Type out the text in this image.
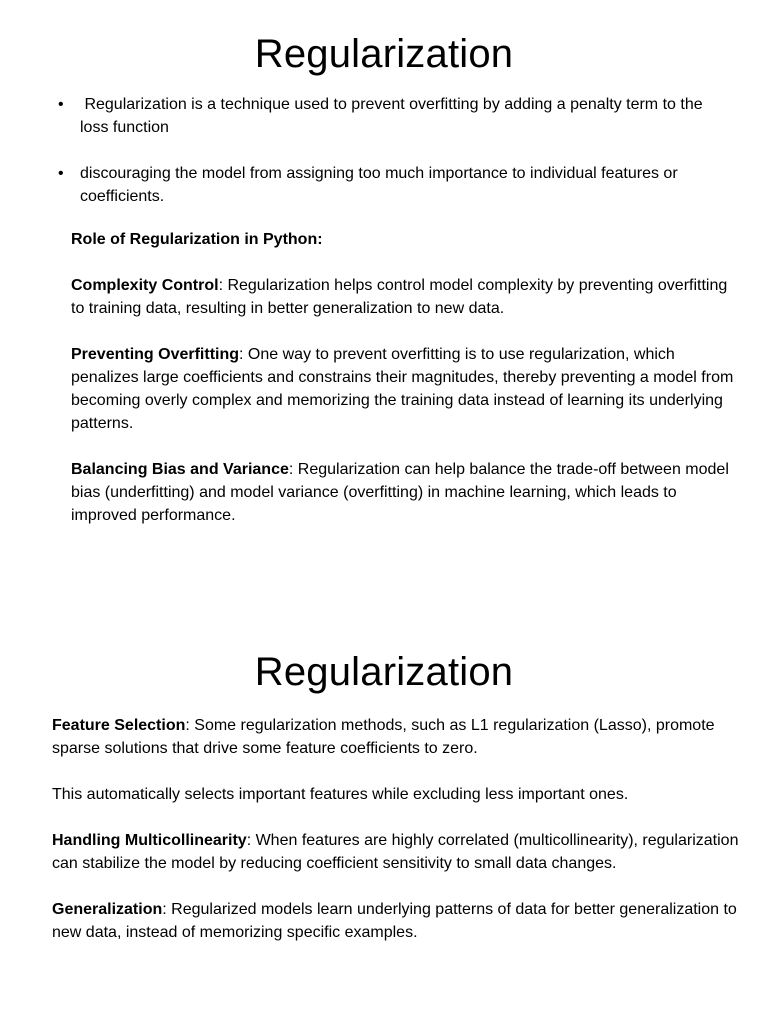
Regularization
• Regularization is a technique used to prevent overfitting by adding a penalty term to the loss function
• discouraging the model from assigning too much importance to individual features or coefficients.

Role of Regularization in Python:

Complexity Control: Regularization helps control model complexity by preventing overfitting to training data, resulting in better generalization to new data.

Preventing Overfitting: One way to prevent overfitting is to use regularization, which penalizes large coefficients and constrains their magnitudes, thereby preventing a model from becoming overly complex and memorizing the training data instead of learning its underlying patterns.

Balancing Bias and Variance: Regularization can help balance the trade-off between model bias (underfitting) and model variance (overfitting) in machine learning, which leads to improved performance.

Regularization

Feature Selection: Some regularization methods, such as L1 regularization (Lasso), promote sparse solutions that drive some feature coefficients to zero.

This automatically selects important features while excluding less important ones.

Handling Multicollinearity: When features are highly correlated (multicollinearity), regularization can stabilize the model by reducing coefficient sensitivity to small data changes.

Generalization: Regularized models learn underlying patterns of data for better generalization to new data, instead of memorizing specific examples.
